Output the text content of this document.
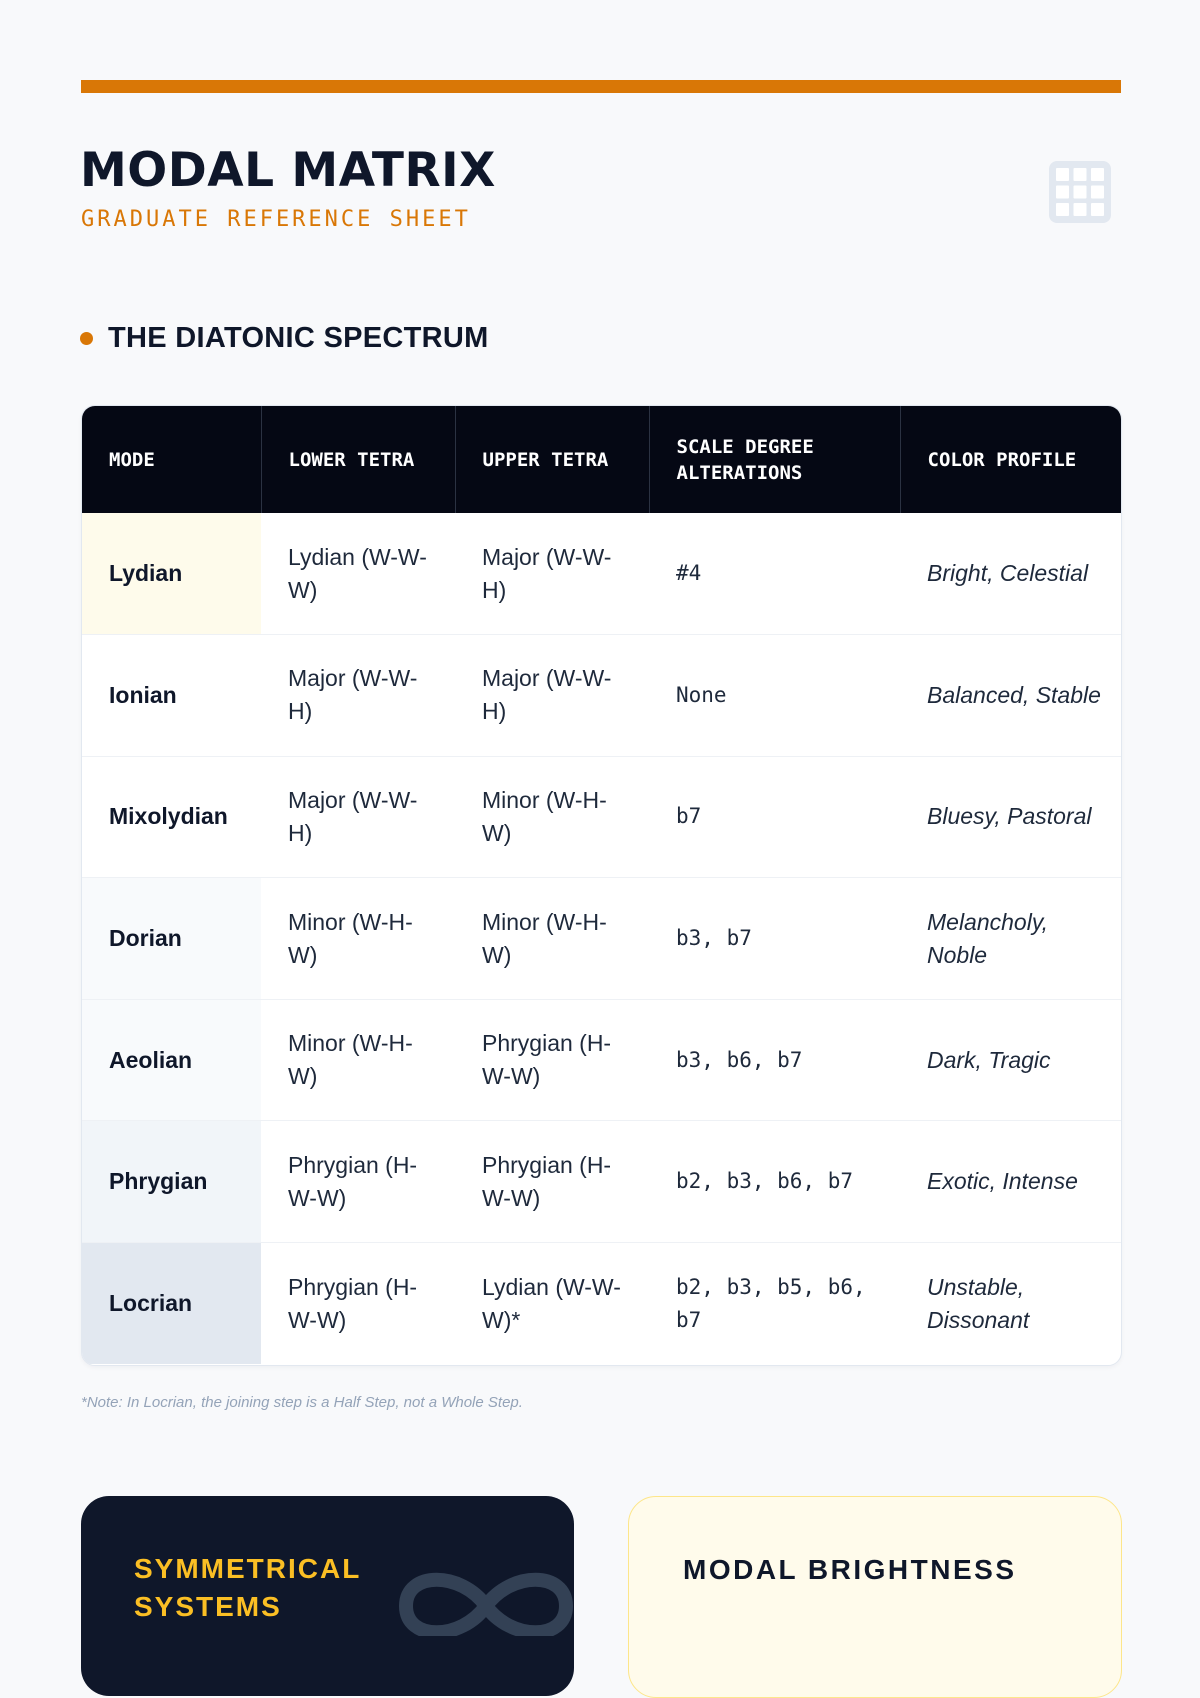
MODAL MATRIX
GRADUATE REFERENCE SHEET
THE DIATONIC SPECTRUM
MODE	LOWER TETRA	UPPER TETRA	SCALE DEGREE ALTERATIONS	COLOR PROFILE
Lydian	Lydian (W-W-W)	Major (W-W-H)	#4	Bright, Celestial
Ionian	Major (W-W-H)	Major (W-W-H)	None	Balanced, Stable
Mixolydian	Major (W-W-H)	Minor (W-H-W)	b7	Bluesy, Pastoral
Dorian	Minor (W-H-W)	Minor (W-H-W)	b3, b7	Melancholy, Noble
Aeolian	Minor (W-H-W)	Phrygian (H-W-W)	b3, b6, b7	Dark, Tragic
Phrygian	Phrygian (H-W-W)	Phrygian (H-W-W)	b2, b3, b6, b7	Exotic, Intense
Locrian	Phrygian (H-W-W)	Lydian (W-W-W)*	b2, b3, b5, b6, b7	Unstable, Dissonant
*Note: In Locrian, the joining step is a Half Step, not a Whole Step.
SYMMETRICAL SYSTEMS
MODAL BRIGHTNESS
